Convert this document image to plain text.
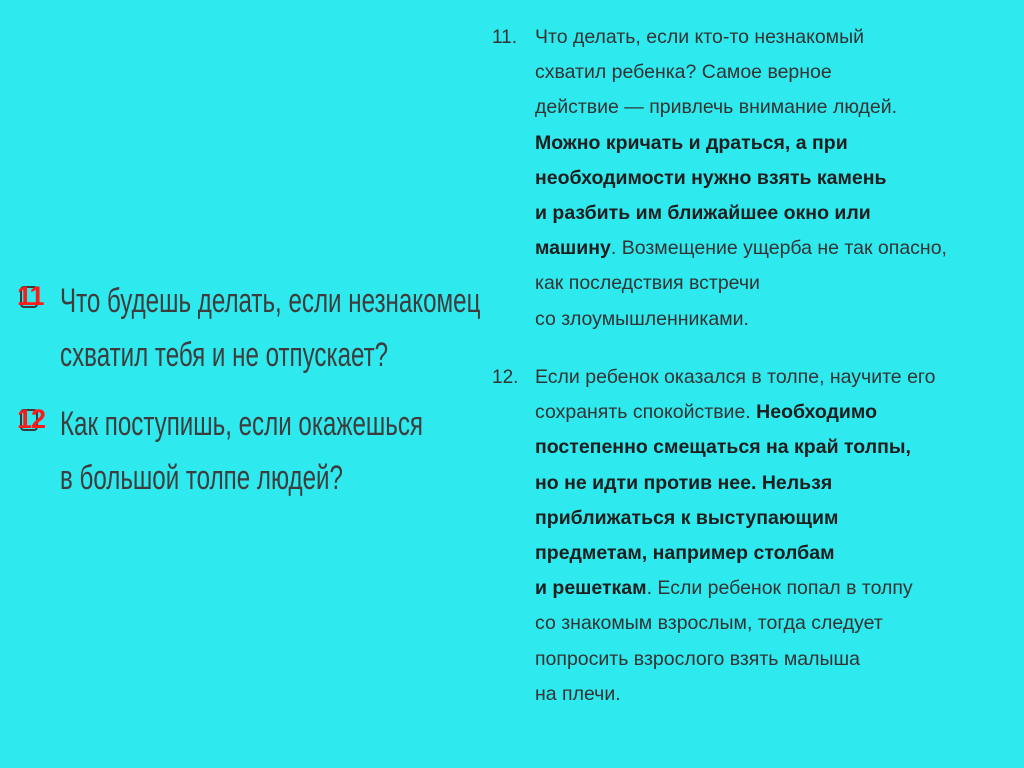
11 Что будешь делать, если незнакомец
схватил тебя и не отпускает?
12 Как поступишь, если окажешься
в большой толпе людей?
11. Что делать, если кто-то незнакомый
схватил ребенка? Самое верное
действие — привлечь внимание людей.
Можно кричать и драться, а при
необходимости нужно взять камень
и разбить им ближайшее окно или
машину. Возмещение ущерба не так опасно,
как последствия встречи
со злоумышленниками.
12. Если ребенок оказался в толпе, научите его
сохранять спокойствие. Необходимо
постепенно смещаться на край толпы,
но не идти против нее. Нельзя
приближаться к выступающим
предметам, например столбам
и решеткам. Если ребенок попал в толпу
со знакомым взрослым, тогда следует
попросить взрослого взять малыша
на плечи.
